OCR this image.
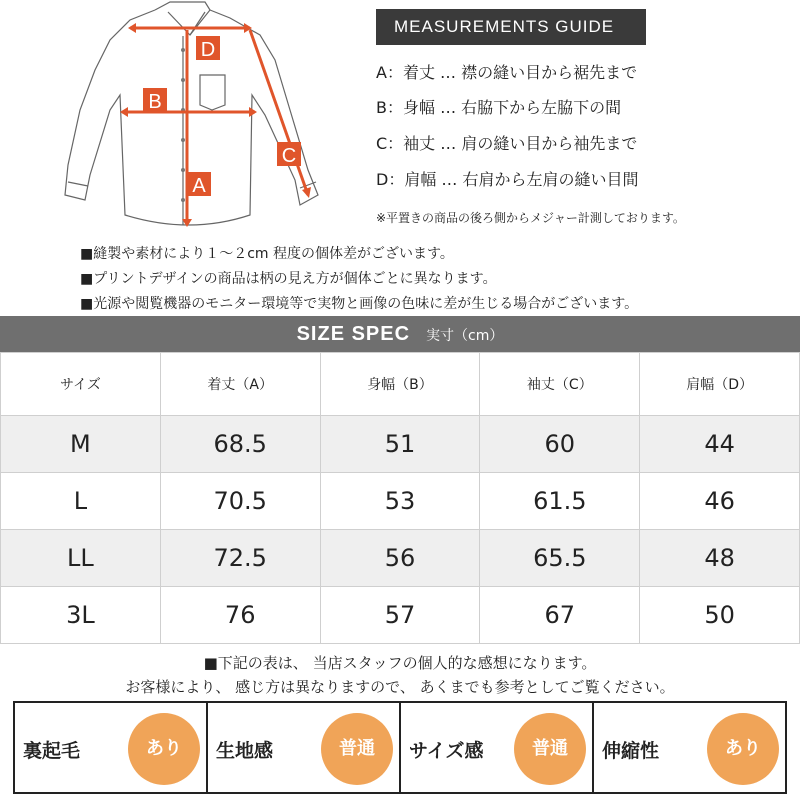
D
B
A
C
MEASUREMENTS GUIDE
A：着丈 … 襟の縫い目から裾先まで
B：身幅 … 右脇下から左脇下の間
C：袖丈 … 肩の縫い目から袖先まで
D：肩幅 … 右肩から左肩の縫い目間
※平置きの商品の後ろ側からメジャー計測しております。
■縫製や素材により１～２cm 程度の個体差がございます。
■プリントデザインの商品は柄の見え方が個体ごとに異なります。
■光源や閲覧機器のモニター環境等で実物と画像の色味に差が生じる場合がございます。
SIZE SPEC 実寸（cm）
サイズ	着丈（A）	身幅（B）	袖丈（C）	肩幅（D）
M	68.5	51	60	44
L	70.5	53	61.5	46
LL	72.5	56	65.5	48
3L	76	57	67	50
■下記の表は、 当店スタッフの個人的な感想になります。
お客様により、 感じ方は異なりますので、 あくまでも参考としてご覧ください。
裏起毛	あり	生地感	普通	サイズ感	普通	伸縮性	あり
